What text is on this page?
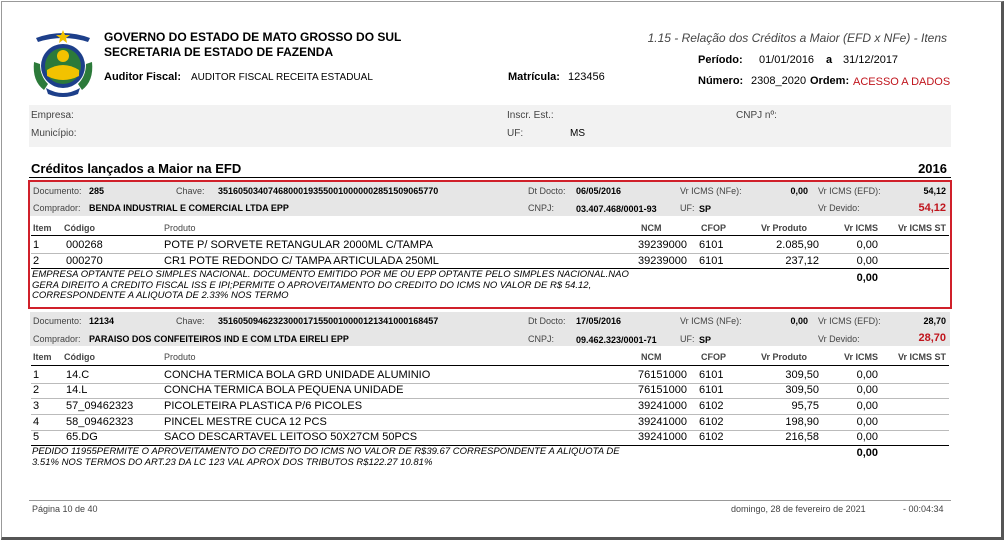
GOVERNO DO ESTADO DE MATO GROSSO DO SUL
SECRETARIA DE ESTADO DE FAZENDA
1.15 - Relação dos Créditos a Maior (EFD x NFe) - Itens
Auditor Fiscal: AUDITOR FISCAL RECEITA ESTADUAL	Matrícula: 123456
Período: 01/01/2016 a 31/12/2017
Número: 2308_2020 Ordem: ACESSO A DADOS
Empresa:	Inscr. Est.:	CNPJ nº:
Município:	UF:	MS
Créditos lançados a Maior na EFD	2016
Documento: 285	Chave: 35160503407468000193550010000002851509065770	Dt Docto: 06/05/2016	Vr ICMS (NFe):	0,00 Vr ICMS (EFD):	54,12
Comprador: BENDA INDUSTRIAL E COMERCIAL LTDA EPP	CNPJ: 03.407.468/0001-93	UF: SP	Vr Devido:	54,12
Item Código	Produto	NCM	CFOP	Vr Produto	Vr ICMS	Vr ICMS ST
1 000268	POTE P/ SORVETE RETANGULAR 2000ML C/TAMPA	39239000 6101	2.085,90	0,00
2 000270	CR1 POTE REDONDO C/ TAMPA ARTICULADA 250ML	39239000 6101	237,12	0,00
EMPRESA OPTANTE PELO SIMPLES NACIONAL. DOCUMENTO EMITIDO POR ME OU EPP OPTANTE PELO SIMPLES NACIONAL.NAO GERA DIREITO A CREDITO FISCAL ISS E IPI;PERMITE O APROVEITAMENTO DO CREDITO DO ICMS NO VALOR DE R$ 54.12, CORRESPONDENTE A ALIQUOTA DE 2.33% NOS TERMO
0,00
Documento: 12134	Chave: 35160509462323000171550010000121341000168457	Dt Docto: 17/05/2016	Vr ICMS (NFe):	0,00 Vr ICMS (EFD):	28,70
Comprador: PARAISO DOS CONFEITEIROS IND E COM LTDA EIRELI EPP	CNPJ: 09.462.323/0001-71	UF: SP	Vr Devido:	28,70
Item Código	Produto	NCM	CFOP	Vr Produto	Vr ICMS	Vr ICMS ST
1 14.C	CONCHA TERMICA BOLA GRD UNIDADE ALUMINIO	76151000 6101	309,50	0,00
2 14.L	CONCHA TERMICA BOLA PEQUENA UNIDADE	76151000 6101	309,50	0,00
3 57_09462323	PICOLETEIRA PLASTICA P/6 PICOLES	39241000 6102	95,75	0,00
4 58_09462323	PINCEL MESTRE CUCA 12 PCS	39241000 6102	198,90	0,00
5 65.DG	SACO DESCARTAVEL LEITOSO 50X27CM 50PCS	39241000 6102	216,58	0,00
PEDIDO 11955PERMITE O APROVEITAMENTO DO CREDITO DO ICMS NO VALOR DE R$39.67 CORRESPONDENTE A ALIQUOTA DE 3.51% NOS TERMOS DO ART.23 DA LC 123 VAL APROX DOS TRIBUTOS R$122.27 10.81%
0,00
Página 10 de 40	domingo, 28 de fevereiro de 2021	- 00:04:34
